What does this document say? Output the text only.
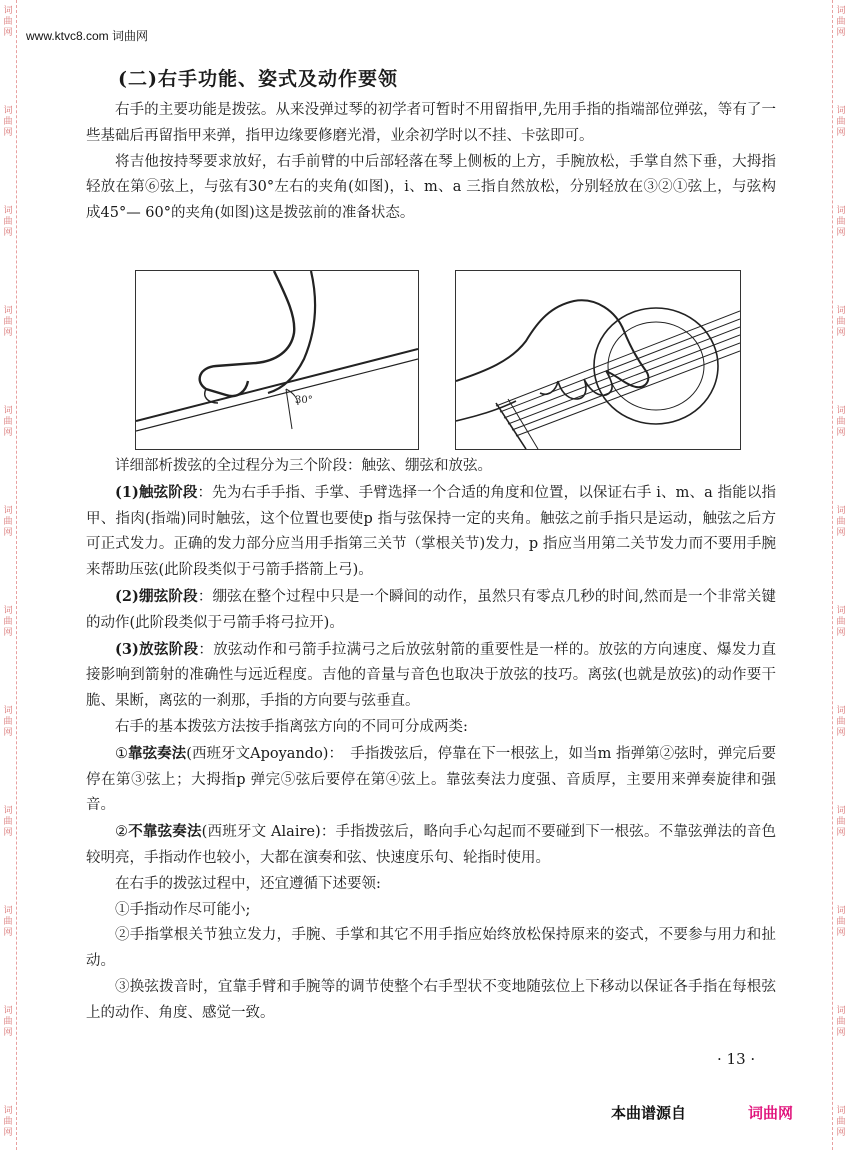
词
曲
网
词
曲
网
词
曲
网
词
曲
网
词
曲
网
词
曲
网
词
曲
网
词
曲
网
词
曲
网
词
曲
网
词
曲
网
词
曲
网
词
曲
网
词
曲
网
词
曲
网
词
曲
网
词
曲
网
词
曲
网
词
曲
网
词
曲
网
词
曲
网
词
曲
网
词
曲
网
词
曲
网
www.ktvc8.com 词曲网
(二)右手功能、姿式及动作要领

右手的主要功能是拨弦。从来没弹过琴的初学者可暂时不用留指甲,先用手指的指端部位弹弦，等有了一些基础后再留指甲来弹，指甲边缘要修磨光滑，业余初学时以不挂、卡弦即可。

将吉他按持琴要求放好，右手前臂的中后部轻落在琴上侧板的上方，手腕放松，手掌自然下垂，大拇指轻放在第⑥弦上，与弦有30°左右的夹角(如图)，i、m、a 三指自然放松，分别轻放在③②①弦上，与弦构成45°— 60°的夹角(如图)这是拨弦前的准备状态。

30°

详细部析拨弦的全过程分为三个阶段：触弦、绷弦和放弦。

(1)触弦阶段：先为右手手指、手掌、手臂选择一个合适的角度和位置，以保证右手 i、m、a 指能以指甲、指肉(指端)同时触弦，这个位置也要使p 指与弦保持一定的夹角。触弦之前手指只是运动，触弦之后方可正式发力。正确的发力部分应当用手指第三关节（掌根关节)发力，p 指应当用第二关节发力而不要用手腕来帮助压弦(此阶段类似于弓箭手搭箭上弓)。

(2)绷弦阶段：绷弦在整个过程中只是一个瞬间的动作，虽然只有零点几秒的时间,然而是一个非常关键的动作(此阶段类似于弓箭手将弓拉开)。

(3)放弦阶段：放弦动作和弓箭手拉满弓之后放弦射箭的重要性是一样的。放弦的方向速度、爆发力直接影响到箭射的准确性与远近程度。吉他的音量与音色也取决于放弦的技巧。离弦(也就是放弦)的动作要干脆、果断，离弦的一刹那，手指的方向要与弦垂直。

右手的基本拨弦方法按手指离弦方向的不同可分成两类:

①靠弦奏法(西班牙文Apoyando)：　手指拨弦后，停靠在下一根弦上，如当m 指弹第②弦时，弹完后要停在第③弦上；大拇指p 弹完⑤弦后要停在第④弦上。靠弦奏法力度强、音质厚，主要用来弹奏旋律和强音。

②不靠弦奏法(西班牙文 Alaire)：手指拨弦后，略向手心勾起而不要碰到下一根弦。不靠弦弹法的音色较明亮，手指动作也较小，大都在演奏和弦、快速度乐句、轮指时使用。

在右手的拨弦过程中，还宜遵循下述要领:

①手指动作尽可能小;

②手指掌根关节独立发力，手腕、手掌和其它不用手指应始终放松保持原来的姿式，不要参与用力和扯动。

③换弦拨音时，宜靠手臂和手腕等的调节使整个右手型状不变地随弦位上下移动以保证各手指在每根弦上的动作、角度、感觉一致。

· 13 ·
本曲谱源自	词曲网
